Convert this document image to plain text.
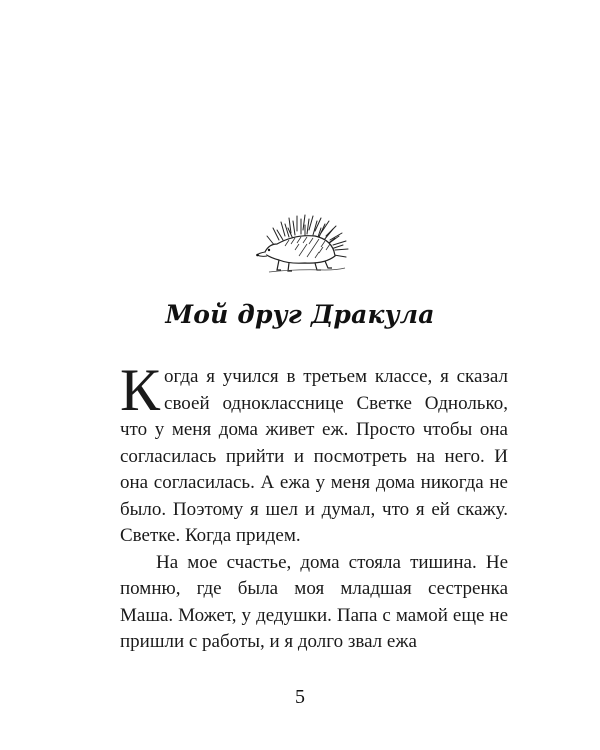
Мой друг Дракула

Когда я учился в третьем классе, я сказал своей однокласснице Светке Однолько, что у меня дома живет еж. Просто чтобы она согласилась прийти и посмотреть на него. И она согласилась. А ежа у меня дома никогда не было. Поэтому я шел и думал, что я ей скажу. Светке. Когда придем.

На мое счастье, дома стояла тишина. Не помню, где была моя младшая сестренка Маша. Может, у дедушки. Папа с мамой еще не пришли с работы, и я долго звал ежа

5
